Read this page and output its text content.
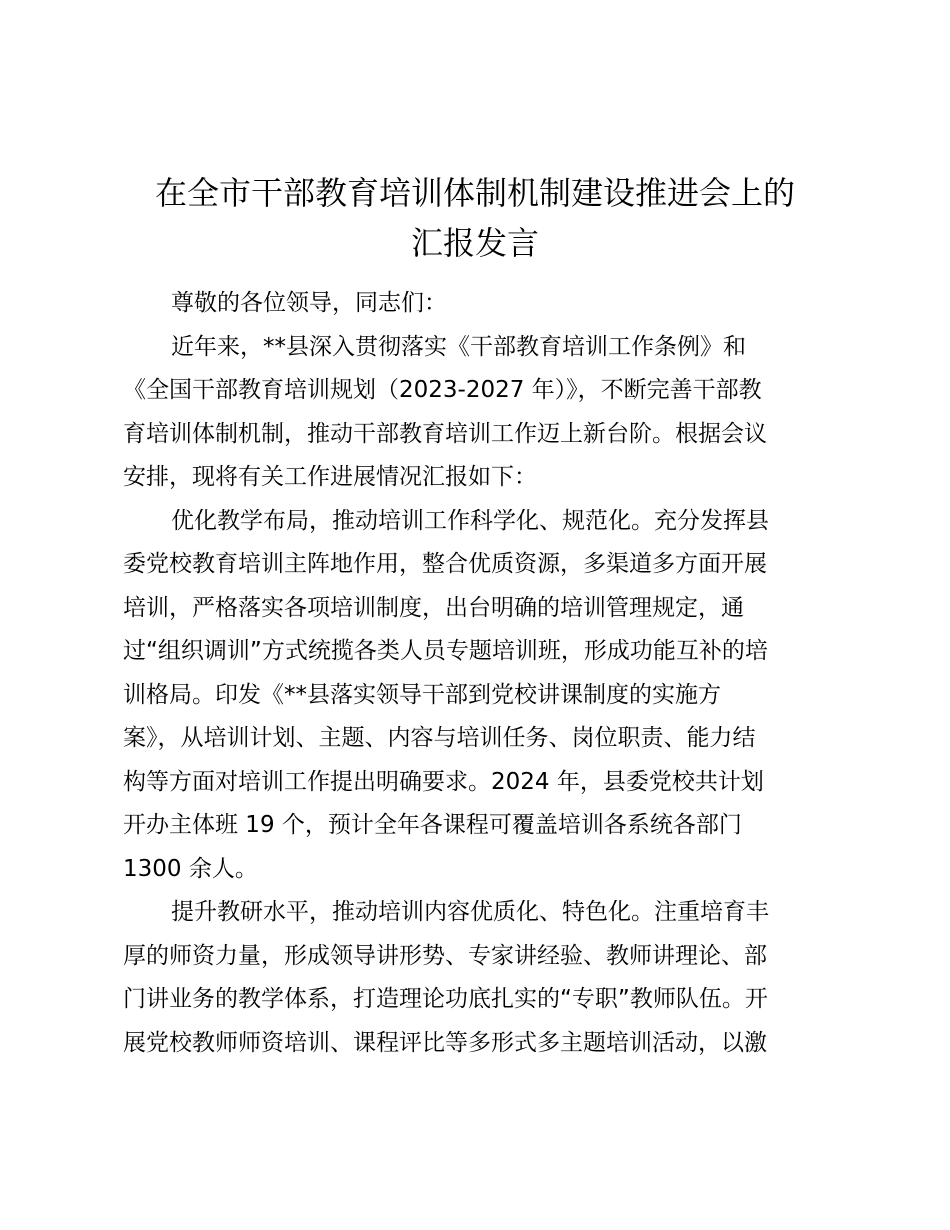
在全市干部教育培训体制机制建设推进会上的
汇报发言
尊敬的各位领导，同志们：
近年来，**县深入贯彻落实《干部教育培训工作条例》和
《全国干部教育培训规划（2023-2027 年）》，不断完善干部教
育培训体制机制，推动干部教育培训工作迈上新台阶。根据会议
安排，现将有关工作进展情况汇报如下：
优化教学布局，推动培训工作科学化、规范化。充分发挥县
委党校教育培训主阵地作用，整合优质资源，多渠道多方面开展
培训，严格落实各项培训制度，出台明确的培训管理规定，通
过“组织调训”方式统揽各类人员专题培训班，形成功能互补的培
训格局。印发《**县落实领导干部到党校讲课制度的实施方
案》，从培训计划、主题、内容与培训任务、岗位职责、能力结
构等方面对培训工作提出明确要求。2024 年，县委党校共计划
开办主体班 19 个，预计全年各课程可覆盖培训各系统各部门
1300 余人。
提升教研水平，推动培训内容优质化、特色化。注重培育丰
厚的师资力量，形成领导讲形势、专家讲经验、教师讲理论、部
门讲业务的教学体系，打造理论功底扎实的“专职”教师队伍。开
展党校教师师资培训、课程评比等多形式多主题培训活动，以激
